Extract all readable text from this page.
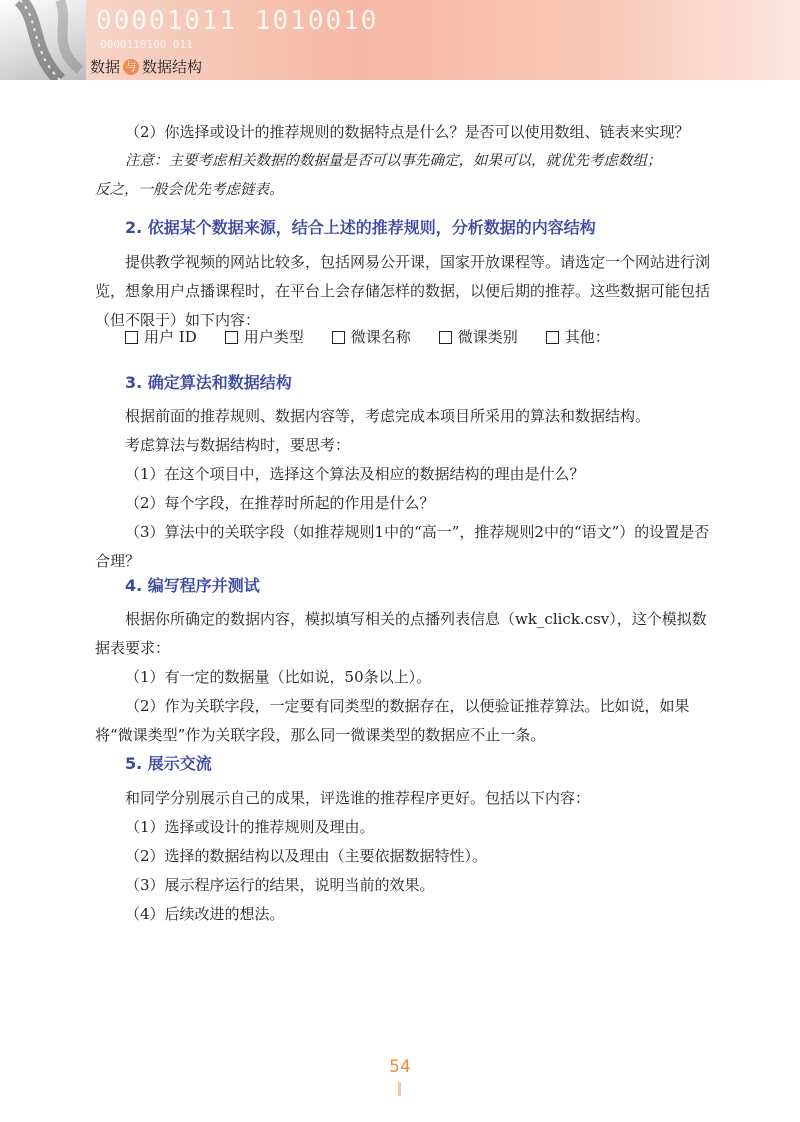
00001011 1010010
0000110100 011
数据 与 数据结构

（2）你选择或设计的推荐规则的数据特点是什么？是否可以使用数组、链表来实现？

注意：主要考虑相关数据的数据量是否可以事先确定，如果可以，就优先考虑数组；

反之，一般会优先考虑链表。

2. 依据某个数据来源，结合上述的推荐规则，分析数据的内容结构

提供教学视频的网站比较多，包括网易公开课，国家开放课程等。请选定一个网站进行浏览，想象用户点播课程时，在平台上会存储怎样的数据，以便后期的推荐。这些数据可能包括（但不限于）如下内容：

用户 ID	用户类型	微课名称	微课类别	其他：
3. 确定算法和数据结构

根据前面的推荐规则、数据内容等，考虑完成本项目所采用的算法和数据结构。

考虑算法与数据结构时，要思考：

（1）在这个项目中，选择这个算法及相应的数据结构的理由是什么？

（2）每个字段，在推荐时所起的作用是什么？

（3）算法中的关联字段（如推荐规则1中的“高一”，推荐规则2中的“语文”）的设置是否合理？

4. 编写程序并测试

根据你所确定的数据内容，模拟填写相关的点播列表信息（wk_click.csv），这个模拟数据表要求：

（1）有一定的数据量（比如说，50条以上）。

（2）作为关联字段，一定要有同类型的数据存在，以便验证推荐算法。比如说，如果将“微课类型”作为关联字段，那么同一微课类型的数据应不止一条。

5. 展示交流

和同学分别展示自己的成果，评选谁的推荐程序更好。包括以下内容：

（1）选择或设计的推荐规则及理由。

（2）选择的数据结构以及理由（主要依据数据特性）。

（3）展示程序运行的结果，说明当前的效果。

（4）后续改进的想法。

54
